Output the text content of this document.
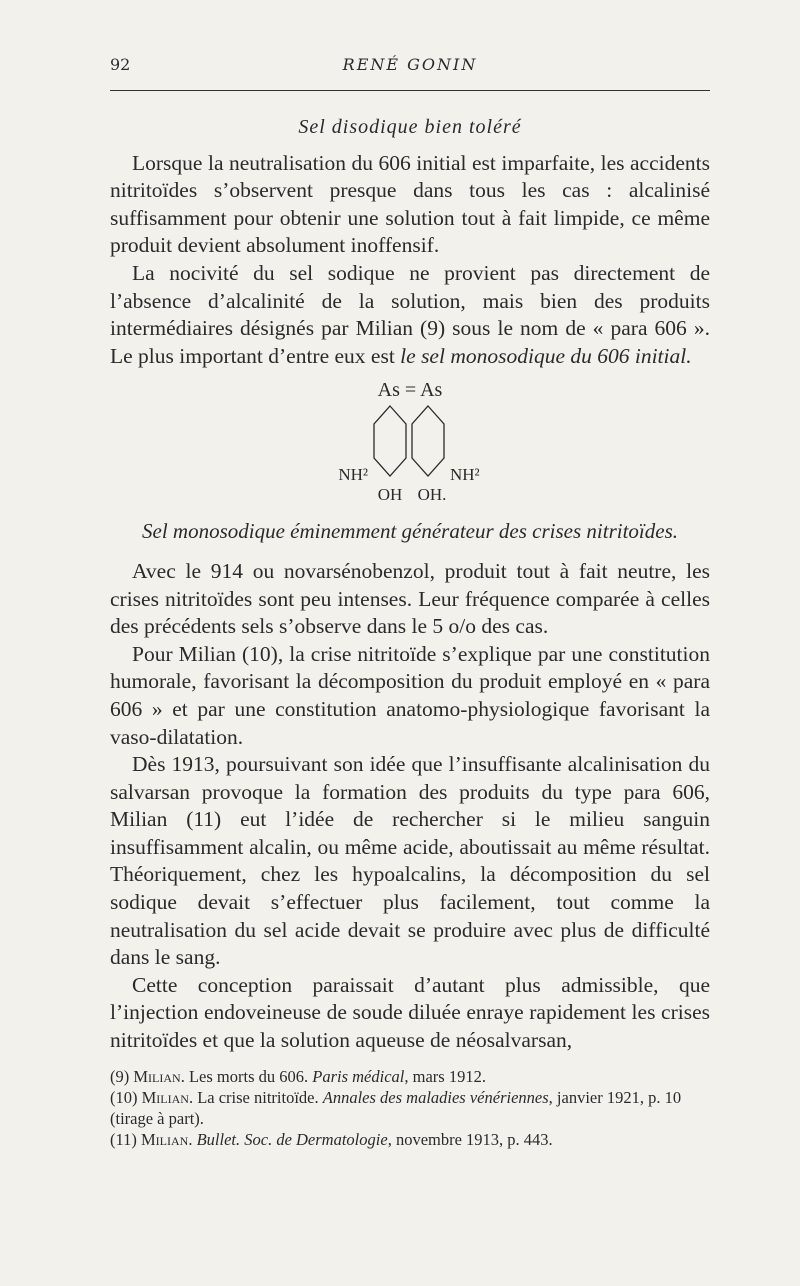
92	RENÉ GONIN
Sel disodique bien toléré

Lorsque la neutralisation du 606 initial est imparfaite, les accidents nitritoïdes s’observent presque dans tous les cas : alcalinisé suffisamment pour obtenir une solution tout à fait limpide, ce même produit devient absolument inoffensif.

La nocivité du sel sodique ne provient pas directement de l’absence d’alcalinité de la solution, mais bien des produits intermédiaires désignés par Milian (9) sous le nom de « para 606 ». Le plus important d’entre eux est le sel monosodique du 606 initial.

As = As
NH²	NH²
OH OH.
Sel monosodique éminemment générateur des crises nitritoïdes.

Avec le 914 ou novarsénobenzol, produit tout à fait neutre, les crises nitritoïdes sont peu intenses. Leur fréquence comparée à celles des précédents sels s’observe dans le 5 o/o des cas.

Pour Milian (10), la crise nitritoïde s’explique par une constitution humorale, favorisant la décomposition du produit employé en « para 606 » et par une constitution anatomo-physiologique favorisant la vaso-dilatation.

Dès 1913, poursuivant son idée que l’insuffisante alcalinisation du salvarsan provoque la formation des produits du type para 606, Milian (11) eut l’idée de rechercher si le milieu sanguin insuffisamment alcalin, ou même acide, aboutissait au même résultat. Théoriquement, chez les hypoalcalins, la décomposition du sel sodique devait s’effectuer plus facilement, tout comme la neutralisation du sel acide devait se produire avec plus de difficulté dans le sang.

Cette conception paraissait d’autant plus admissible, que l’injection endoveineuse de soude diluée enraye rapidement les crises nitritoïdes et que la solution aqueuse de néosalvarsan,

(9) Milian. Les morts du 606. Paris médical, mars 1912.

(10) Milian. La crise nitritoïde. Annales des maladies vénériennes, janvier 1921, p. 10 (tirage à part).

(11) Milian. Bullet. Soc. de Dermatologie, novembre 1913, p. 443.
